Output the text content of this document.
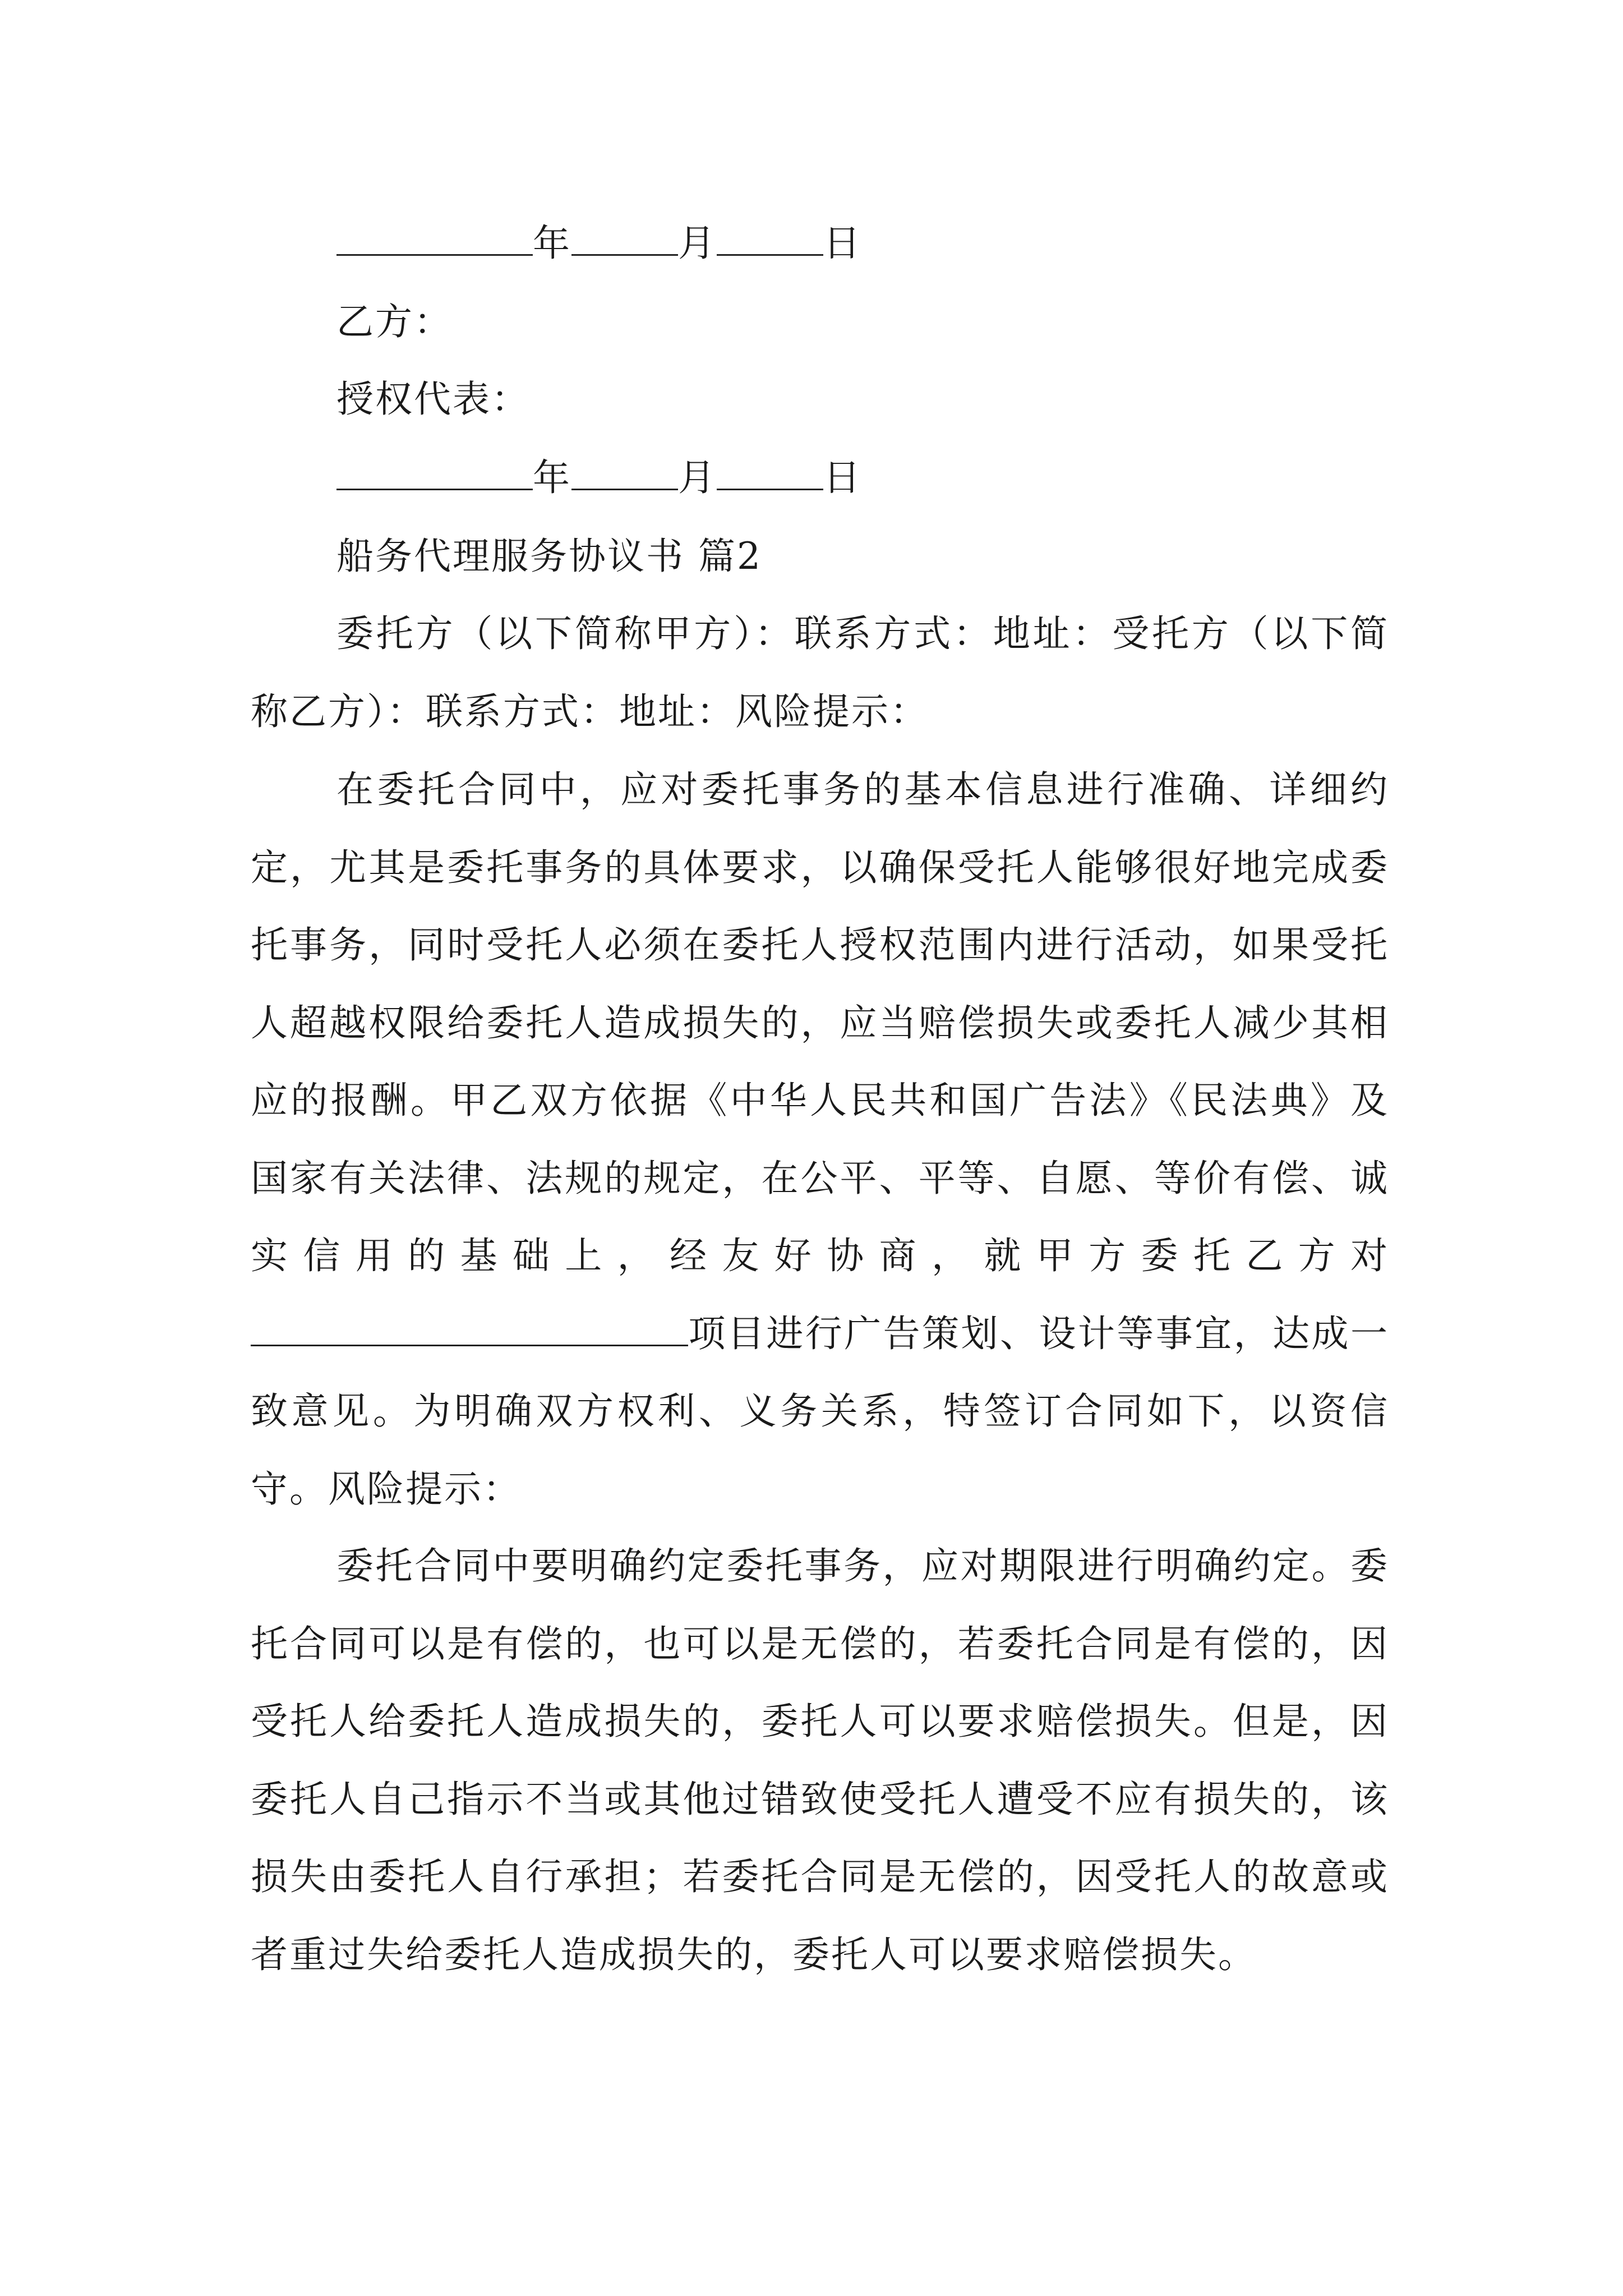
年	月	日
乙方：
授权代表：
年	月	日
船务代理服务协议书 篇2
委托方（以下简称甲方）：联系方式：地址：受托方（以下简称乙方）：联系方式：地址：风险提示：
在委托合同中，应对委托事务的基本信息进行准确、详细约定，尤其是委托事务的具体要求，以确保受托人能够很好地完成委托事务，同时受托人必须在委托人授权范围内进行活动，如果受托人超越权限给委托人造成损失的，应当赔偿损失或委托人减少其相应的报酬。甲乙双方依据《中华人民共和国广告法》《民法典》及国家有关法律、法规的规定，在公平、平等、自愿、等价有偿、诚实信用的基础上，经友好协商，就甲方委托乙方对项目进行广告策划、设计等事宜，达成一致意见。为明确双方权利、义务关系，特签订合同如下，以资信守。风险提示：
委托合同中要明确约定委托事务，应对期限进行明确约定。委托合同可以是有偿的，也可以是无偿的，若委托合同是有偿的，因受托人给委托人造成损失的，委托人可以要求赔偿损失。但是，因委托人自己指示不当或其他过错致使受托人遭受不应有损失的，该损失由委托人自行承担；若委托合同是无偿的，因受托人的故意或者重过失给委托人造成损失的，委托人可以要求赔偿损失。
